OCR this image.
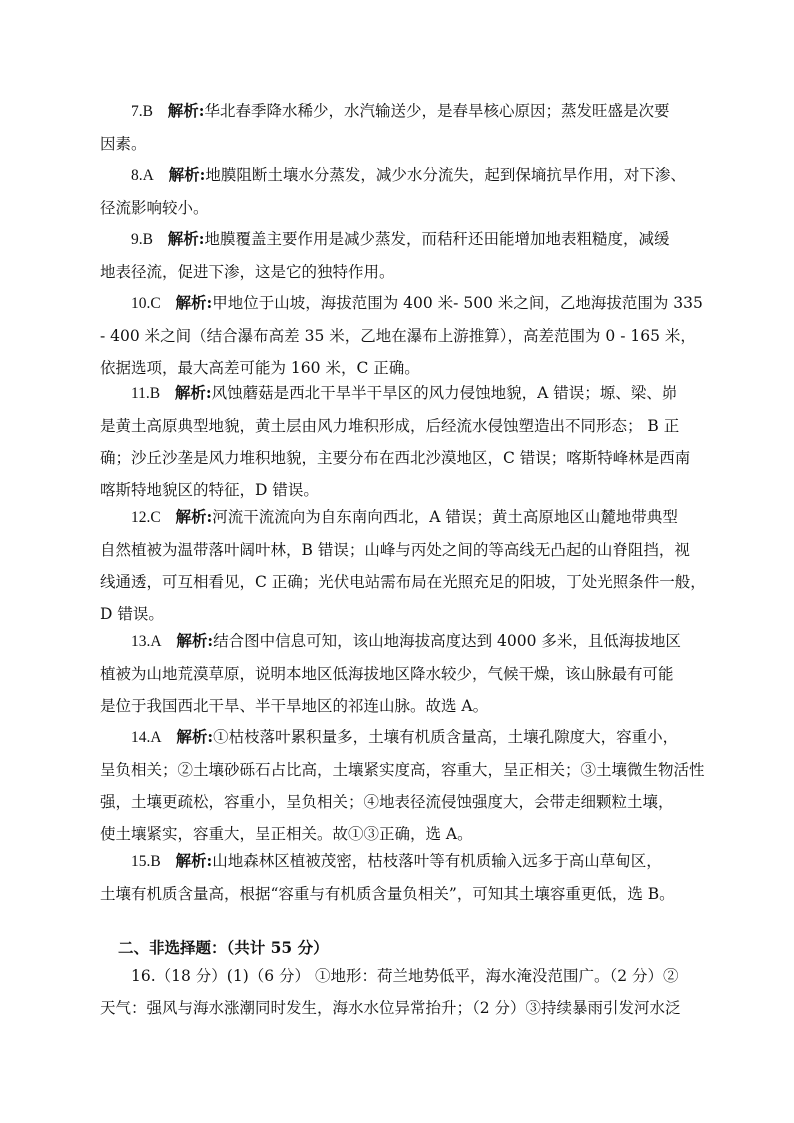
7.B 解析:华北春季降水稀少，水汽输送少，是春旱核心原因；蒸发旺盛是次要
因素。
8.A 解析:地膜阻断土壤水分蒸发，减少水分流失，起到保墒抗旱作用，对下渗、
径流影响较小。
9.B 解析:地膜覆盖主要作用是减少蒸发，而秸秆还田能增加地表粗糙度，减缓
地表径流，促进下渗，这是它的独特作用。
10.C 解析:甲地位于山坡，海拔范围为 400 米- 500 米之间，乙地海拔范围为 335
- 400 米之间（结合瀑布高差 35 米，乙地在瀑布上游推算），高差范围为 0 - 165 米，
依据选项，最大高差可能为 160 米，C 正确。
11.B 解析:风蚀蘑菇是西北干旱半干旱区的风力侵蚀地貌，A 错误；塬、梁、峁
是黄土高原典型地貌，黄土层由风力堆积形成，后经流水侵蚀塑造出不同形态； B 正
确；沙丘沙垄是风力堆积地貌，主要分布在西北沙漠地区，C 错误；喀斯特峰林是西南
喀斯特地貌区的特征，D 错误。
12.C 解析:河流干流流向为自东南向西北，A 错误；黄土高原地区山麓地带典型
自然植被为温带落叶阔叶林，B 错误；山峰与丙处之间的等高线无凸起的山脊阻挡，视
线通透，可互相看见，C 正确；光伏电站需布局在光照充足的阳坡，丁处光照条件一般，
D 错误。
13.A 解析:结合图中信息可知，该山地海拔高度达到 4000 多米，且低海拔地区
植被为山地荒漠草原，说明本地区低海拔地区降水较少，气候干燥，该山脉最有可能
是位于我国西北干旱、半干旱地区的祁连山脉。故选 A。
14.A 解析:①枯枝落叶累积量多，土壤有机质含量高，土壤孔隙度大，容重小，
呈负相关；②土壤砂砾石占比高，土壤紧实度高，容重大，呈正相关；③土壤微生物活性
强，土壤更疏松，容重小，呈负相关；④地表径流侵蚀强度大，会带走细颗粒土壤，
使土壤紧实，容重大，呈正相关。故①③正确，选 A。
15.B 解析:山地森林区植被茂密，枯枝落叶等有机质输入远多于高山草甸区，
土壤有机质含量高，根据“容重与有机质含量负相关”，可知其土壤容重更低，选 B。
二、非选择题：（共计 55 分）
16.（18 分）(1)（6 分） ①地形：荷兰地势低平，海水淹没范围广。（2 分）②
天气：强风与海水涨潮同时发生，海水水位异常抬升；（2 分）③持续暴雨引发河水泛
